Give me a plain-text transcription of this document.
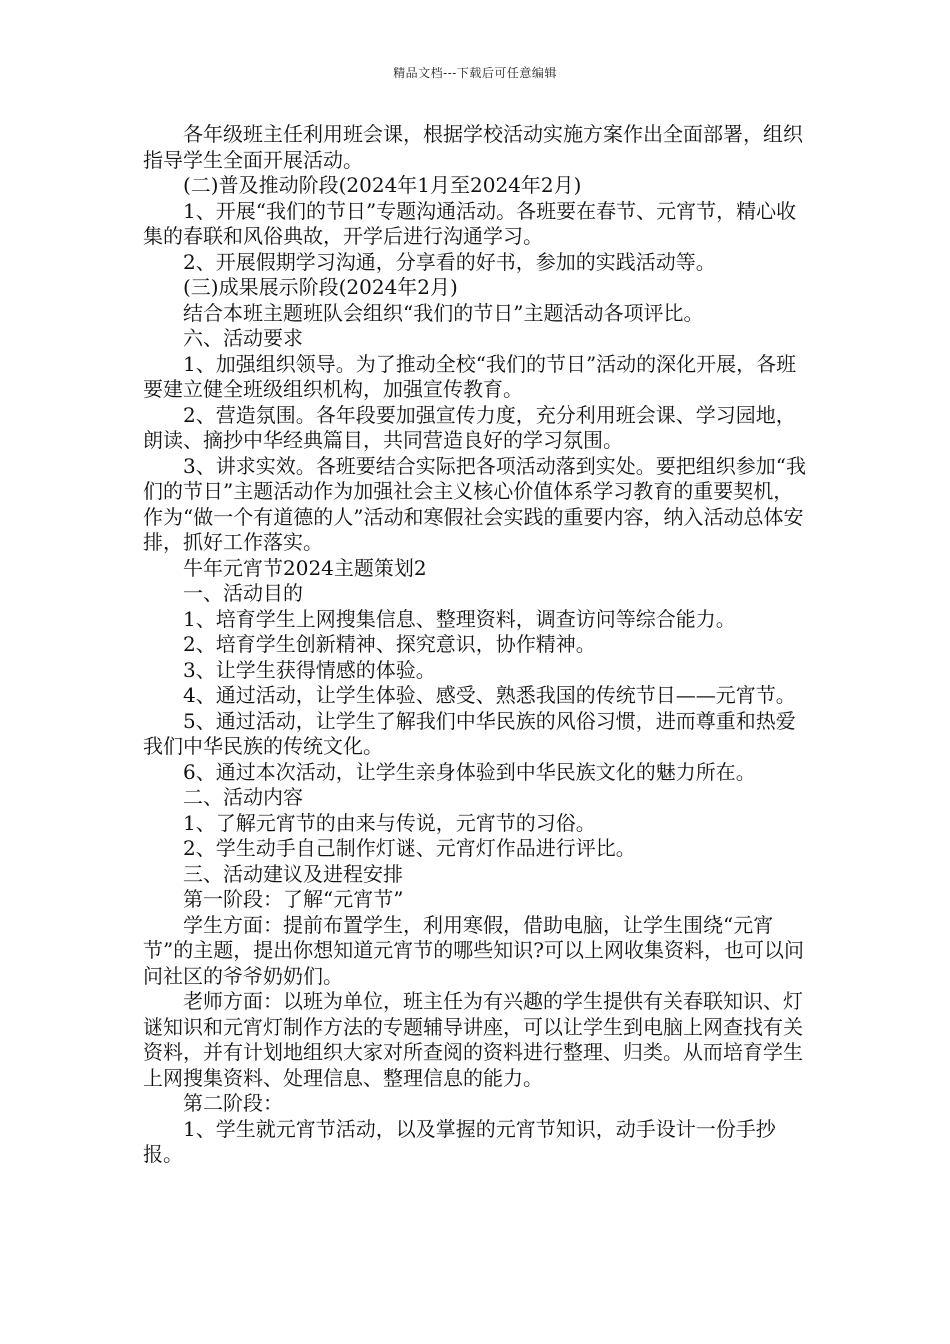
精品文档---下载后可任意编辑

　　各年级班主任利用班会课，根据学校活动实施方案作出全面部署，组织指导学生全面开展活动。

　　(二)普及推动阶段(2024年1月至2024年2月)

　　1、开展“我们的节日”专题沟通活动。各班要在春节、元宵节，精心收集的春联和风俗典故，开学后进行沟通学习。

　　2、开展假期学习沟通，分享看的好书，参加的实践活动等。

　　(三)成果展示阶段(2024年2月)

　　结合本班主题班队会组织“我们的节日”主题活动各项评比。

　　六、活动要求

　　1、加强组织领导。为了推动全校“我们的节日”活动的深化开展，各班要建立健全班级组织机构，加强宣传教育。

　　2、营造氛围。各年段要加强宣传力度，充分利用班会课、学习园地，朗读、摘抄中华经典篇目，共同营造良好的学习氛围。

　　3、讲求实效。各班要结合实际把各项活动落到实处。要把组织参加“我们的节日”主题活动作为加强社会主义核心价值体系学习教育的重要契机，作为“做一个有道德的人”活动和寒假社会实践的重要内容，纳入活动总体安排，抓好工作落实。

　　牛年元宵节2024主题策划2

　　一、活动目的

　　1、培育学生上网搜集信息、整理资料，调查访问等综合能力。

　　2、培育学生创新精神、探究意识，协作精神。

　　3、让学生获得情感的体验。

　　4、通过活动，让学生体验、感受、熟悉我国的传统节日——元宵节。

　　5、通过活动，让学生了解我们中华民族的风俗习惯，进而尊重和热爱我们中华民族的传统文化。

　　6、通过本次活动，让学生亲身体验到中华民族文化的魅力所在。

　　二、活动内容

　　1、了解元宵节的由来与传说，元宵节的习俗。

　　2、学生动手自己制作灯谜、元宵灯作品进行评比。

　　三、活动建议及进程安排

　　第一阶段：了解“元宵节”

　　学生方面：提前布置学生，利用寒假，借助电脑，让学生围绕“元宵节”的主题，提出你想知道元宵节的哪些知识?可以上网收集资料，也可以问问社区的爷爷奶奶们。

　　老师方面：以班为单位，班主任为有兴趣的学生提供有关春联知识、灯谜知识和元宵灯制作方法的专题辅导讲座，可以让学生到电脑上网查找有关资料，并有计划地组织大家对所查阅的资料进行整理、归类。从而培育学生上网搜集资料、处理信息、整理信息的能力。

　　第二阶段：

　　1、学生就元宵节活动，以及掌握的元宵节知识，动手设计一份手抄报。
